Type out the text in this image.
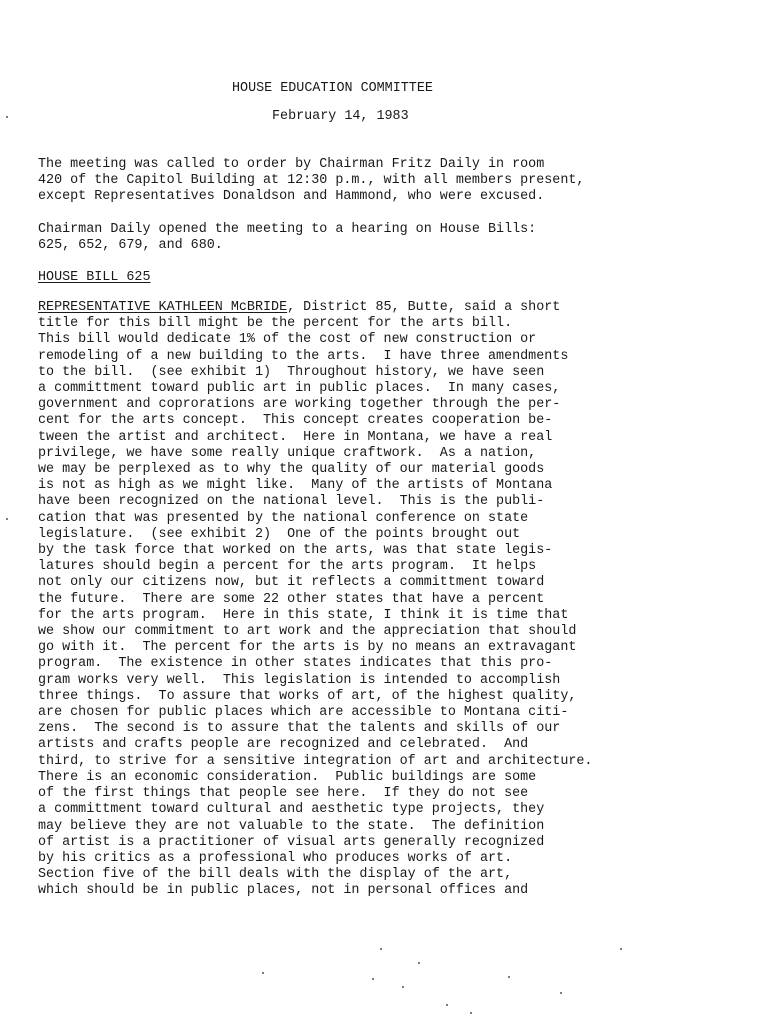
HOUSE EDUCATION COMMITTEE
February 14, 1983
The meeting was called to order by Chairman Fritz Daily in room
420 of the Capitol Building at 12:30 p.m., with all members present,
except Representatives Donaldson and Hammond, who were excused.
Chairman Daily opened the meeting to a hearing on House Bills:
625, 652, 679, and 680.
HOUSE BILL 625
REPRESENTATIVE KATHLEEN McBRIDE, District 85, Butte, said a short
title for this bill might be the percent for the arts bill.
This bill would dedicate 1% of the cost of new construction or
remodeling of a new building to the arts.  I have three amendments
to the bill.  (see exhibit 1)  Throughout history, we have seen
a committment toward public art in public places.  In many cases,
government and coprorations are working together through the per-
cent for the arts concept.  This concept creates cooperation be-
tween the artist and architect.  Here in Montana, we have a real
privilege, we have some really unique craftwork.  As a nation,
we may be perplexed as to why the quality of our material goods
is not as high as we might like.  Many of the artists of Montana
have been recognized on the national level.  This is the publi-
cation that was presented by the national conference on state
legislature.  (see exhibit 2)  One of the points brought out
by the task force that worked on the arts, was that state legis-
latures should begin a percent for the arts program.  It helps
not only our citizens now, but it reflects a committment toward
the future.  There are some 22 other states that have a percent
for the arts program.  Here in this state, I think it is time that
we show our commitment to art work and the appreciation that should
go with it.  The percent for the arts is by no means an extravagant
program.  The existence in other states indicates that this pro-
gram works very well.  This legislation is intended to accomplish
three things.  To assure that works of art, of the highest quality,
are chosen for public places which are accessible to Montana citi-
zens.  The second is to assure that the talents and skills of our
artists and crafts people are recognized and celebrated.  And
third, to strive for a sensitive integration of art and architecture.
There is an economic consideration.  Public buildings are some
of the first things that people see here.  If they do not see
a committment toward cultural and aesthetic type projects, they
may believe they are not valuable to the state.  The definition
of artist is a practitioner of visual arts generally recognized
by his critics as a professional who produces works of art.
Section five of the bill deals with the display of the art,
which should be in public places, not in personal offices and
